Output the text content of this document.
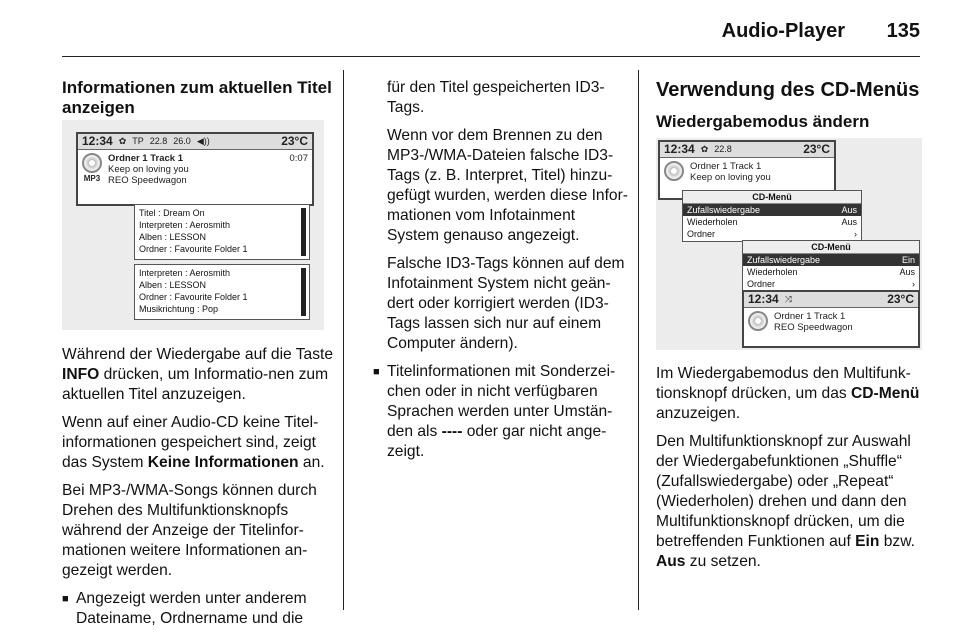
Audio-Player 135
Informationen zum aktuellen Titel anzeigen
12:34 ✿ TP 22.8 26.0 ◀))	23°C
MP3
Ordner 1 Track 1	0:07
Keep on loving you
REO Speedwagon
Titel : Dream On
Interpreten : Aerosmith
Alben : LESSON
Ordner : Favourite Folder 1
Interpreten : Aerosmith
Alben : LESSON
Ordner : Favourite Folder 1
Musikrichtung : Pop

Während der Wiedergabe auf die Taste INFO drücken, um Informatio-nen zum aktuellen Titel anzuzeigen.

Wenn auf einer Audio-CD keine Titel-informationen gespeichert sind, zeigt das System Keine Informationen an.

Bei MP3-/WMA-Songs können durch Drehen des Multifunktionsknopfs während der Anzeige der Titelinfor-mationen weitere Informationen an-gezeigt werden.

■ Angezeigt werden unter anderem Dateiname, Ordnername und die

für den Titel gespeicherten ID3-Tags.

Wenn vor dem Brennen zu den MP3-/WMA-Dateien falsche ID3-Tags (z. B. Interpret, Titel) hinzu-gefügt wurden, werden diese Infor-mationen vom Infotainment System genauso angezeigt.

Falsche ID3-Tags können auf dem Infotainment System nicht geän-dert oder korrigiert werden (ID3-Tags lassen sich nur auf einem Computer ändern).

■ Titelinformationen mit Sonderzei-chen oder in nicht verfügbaren Sprachen werden unter Umstän-den als ---- oder gar nicht ange-zeigt.

Verwendung des CD-Menüs
Wiedergabemodus ändern
12:34 ✿ 22.8	23°C
Ordner 1 Track 1
Keep on loving you
CD-Menü
Zufallswiedergabe	Aus
Wiederholen	Aus
Ordner	›
CD-Menü
Zufallswiedergabe	Ein
Wiederholen	Aus
Ordner	›
12:34 ⤨	23°C
Ordner 1 Track 1
REO Speedwagon

Im Wiedergabemodus den Multifunk-tionsknopf drücken, um das CD-Menü anzuzeigen.

Den Multifunktionsknopf zur Auswahl der Wiedergabefunktionen „Shuffle“ (Zufallswiedergabe) oder „Repeat“ (Wiederholen) drehen und dann den Multifunktionsknopf drücken, um die betreffenden Funktionen auf Ein bzw. Aus zu setzen.
